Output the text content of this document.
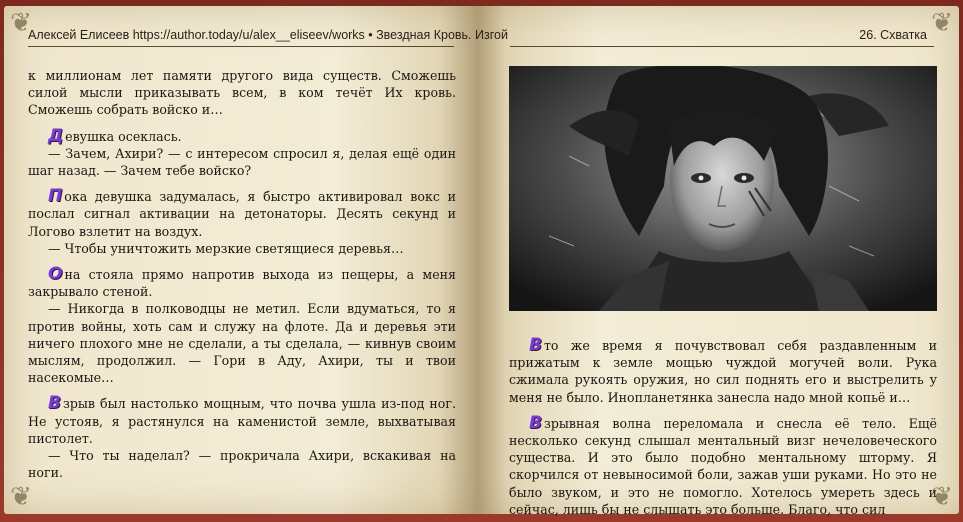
❦
❦
❦
❦
Алексей Елисеев https://author.today/u/alex__eliseev/works • Звездная Кровь. Изгой	26. Схватка

к миллионам лет памяти другого вида существ. Сможешь силой мысли приказывать всем, в ком течёт Их кровь. Сможешь собрать войско и…

Д евушка осеклась.

— Зачем, Ахири? — с интересом спросил я, делая ещё один шаг назад. — Зачем тебе войско?

П ока девушка задумалась, я быстро активировал вокс и послал сигнал активации на детонаторы. Десять секунд и Логово взлетит на воздух.

— Чтобы уничтожить мерзкие светящиеся деревья…

О на стояла прямо напротив выхода из пещеры, а меня закрывало стеной.

— Никогда в полководцы не метил. Если вдуматься, то я против войны, хоть сам и служу на флоте. Да и деревья эти ничего плохого мне не сделали, а ты сделала, — кивнув своим мыслям, продолжил. — Гори в Аду, Ахири, ты и твои насекомые…

В зрыв был настолько мощным, что почва ушла из-под ног. Не устояв, я растянулся на каменистой земле, выхватывая пистолет.

— Что ты наделал? — прокричала Ахири, вскакивая на ноги.

В то же время я почувствовал себя раздавленным и прижатым к земле мощью чуждой могучей воли. Рука сжимала рукоять оружия, но сил поднять его и выстрелить у меня не было. Инопланетянка занесла надо мной копьё и…

В зрывная волна переломала и снесла её тело. Ещё несколько секунд слышал ментальный визг нечеловеческого существа. И это было подобно ментальному шторму. Я скорчился от невыносимой боли, зажав уши руками. Но это не было звуком, и это не помогло. Хотелось умереть здесь и сейчас, лишь бы не слышать это больше. Благо, что сил
